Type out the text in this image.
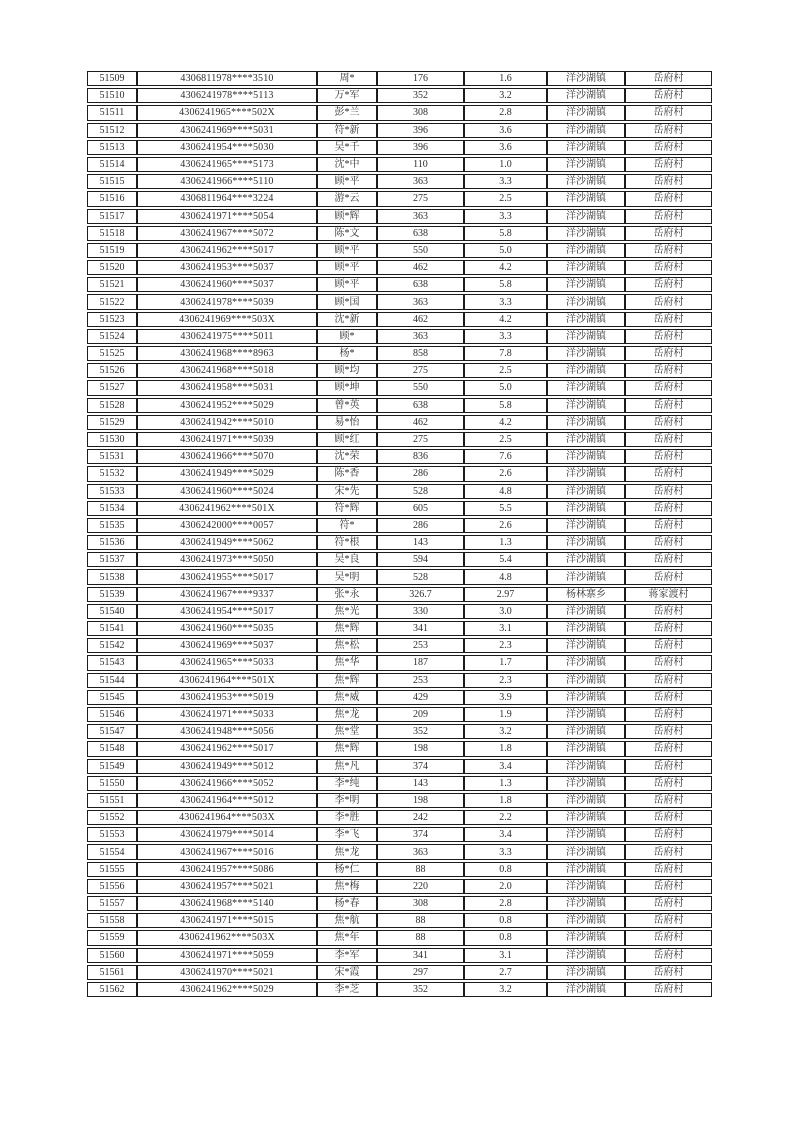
51509	4306811978****3510	周*	176	1.6	洋沙湖镇	岳府村
51510	4306241978****5113	万*军	352	3.2	洋沙湖镇	岳府村
51511	4306241965****502X	彭*兰	308	2.8	洋沙湖镇	岳府村
51512	4306241969****5031	符*新	396	3.6	洋沙湖镇	岳府村
51513	4306241954****5030	吴*千	396	3.6	洋沙湖镇	岳府村
51514	4306241965****5173	沈*中	110	1.0	洋沙湖镇	岳府村
51515	4306241966****5110	顾*平	363	3.3	洋沙湖镇	岳府村
51516	4306811964****3224	游*云	275	2.5	洋沙湖镇	岳府村
51517	4306241971****5054	顾*辉	363	3.3	洋沙湖镇	岳府村
51518	4306241967****5072	陈*文	638	5.8	洋沙湖镇	岳府村
51519	4306241962****5017	顾*平	550	5.0	洋沙湖镇	岳府村
51520	4306241953****5037	顾*平	462	4.2	洋沙湖镇	岳府村
51521	4306241960****5037	顾*平	638	5.8	洋沙湖镇	岳府村
51522	4306241978****5039	顾*国	363	3.3	洋沙湖镇	岳府村
51523	4306241969****503X	沈*新	462	4.2	洋沙湖镇	岳府村
51524	4306241975****5011	顾*	363	3.3	洋沙湖镇	岳府村
51525	4306241968****8963	杨*	858	7.8	洋沙湖镇	岳府村
51526	4306241968****5018	顾*均	275	2.5	洋沙湖镇	岳府村
51527	4306241958****5031	顾*坤	550	5.0	洋沙湖镇	岳府村
51528	4306241952****5029	曾*英	638	5.8	洋沙湖镇	岳府村
51529	4306241942****5010	易*怡	462	4.2	洋沙湖镇	岳府村
51530	4306241971****5039	顾*红	275	2.5	洋沙湖镇	岳府村
51531	4306241966****5070	沈*荣	836	7.6	洋沙湖镇	岳府村
51532	4306241949****5029	陈*香	286	2.6	洋沙湖镇	岳府村
51533	4306241960****5024	宋*先	528	4.8	洋沙湖镇	岳府村
51534	4306241962****501X	符*辉	605	5.5	洋沙湖镇	岳府村
51535	4306242000****0057	符*	286	2.6	洋沙湖镇	岳府村
51536	4306241949****5062	符*根	143	1.3	洋沙湖镇	岳府村
51537	4306241973****5050	吴*良	594	5.4	洋沙湖镇	岳府村
51538	4306241955****5017	吴*明	528	4.8	洋沙湖镇	岳府村
51539	4306241967****9337	张*永	326.7	2.97	杨林寨乡	蒋家渡村
51540	4306241954****5017	焦*光	330	3.0	洋沙湖镇	岳府村
51541	4306241960****5035	焦*辉	341	3.1	洋沙湖镇	岳府村
51542	4306241969****5037	焦*松	253	2.3	洋沙湖镇	岳府村
51543	4306241965****5033	焦*华	187	1.7	洋沙湖镇	岳府村
51544	4306241964****501X	焦*辉	253	2.3	洋沙湖镇	岳府村
51545	4306241953****5019	焦*威	429	3.9	洋沙湖镇	岳府村
51546	4306241971****5033	焦*龙	209	1.9	洋沙湖镇	岳府村
51547	4306241948****5056	焦*堂	352	3.2	洋沙湖镇	岳府村
51548	4306241962****5017	焦*辉	198	1.8	洋沙湖镇	岳府村
51549	4306241949****5012	焦*凡	374	3.4	洋沙湖镇	岳府村
51550	4306241966****5052	李*纯	143	1.3	洋沙湖镇	岳府村
51551	4306241964****5012	李*明	198	1.8	洋沙湖镇	岳府村
51552	4306241964****503X	李*胜	242	2.2	洋沙湖镇	岳府村
51553	4306241979****5014	李*飞	374	3.4	洋沙湖镇	岳府村
51554	4306241967****5016	焦*龙	363	3.3	洋沙湖镇	岳府村
51555	4306241957****5086	杨*仁	88	0.8	洋沙湖镇	岳府村
51556	4306241957****5021	焦*梅	220	2.0	洋沙湖镇	岳府村
51557	4306241968****5140	杨*春	308	2.8	洋沙湖镇	岳府村
51558	4306241971****5015	焦*航	88	0.8	洋沙湖镇	岳府村
51559	4306241962****503X	焦*年	88	0.8	洋沙湖镇	岳府村
51560	4306241971****5059	李*军	341	3.1	洋沙湖镇	岳府村
51561	4306241970****5021	宋*霞	297	2.7	洋沙湖镇	岳府村
51562	4306241962****5029	李*芝	352	3.2	洋沙湖镇	岳府村
